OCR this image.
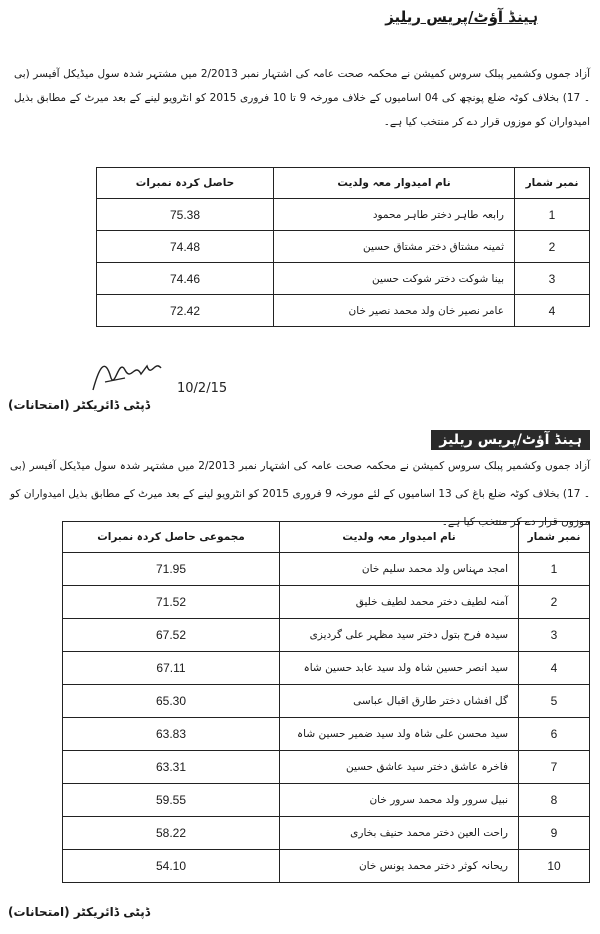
ہینڈ آؤٹ/پریس ریلیز
آزاد جموں وکشمیر پبلک سروس کمیشن نے محکمہ صحت عامہ کی اشتہار نمبر 2/2013 میں مشتہر شدہ سول میڈیکل آفیسر (بی ۔ 17) بخلاف کوٹہ ضلع پونچھ کی 04 اسامیوں کے خلاف مورخہ 9 تا 10 فروری 2015 کو انٹرویو لینے کے بعد میرٹ کے مطابق بذیل امیدواران کو موزوں قرار دے کر منتخب کیا ہے۔
نمبر شمار	نام امیدوار معہ ولدیت	حاصل کردہ نمبرات
1	رابعہ طاہر دختر طاہر محمود	75.38
2	ثمینہ مشتاق دختر مشتاق حسین	74.48
3	بینا شوکت دختر شوکت حسین	74.46
4	عامر نصیر خان ولد محمد نصیر خان	72.42
10/2/15
ڈپٹی ڈائریکٹر (امتحانات)
ہینڈ آؤٹ/پریس ریلیز
آزاد جموں وکشمیر پبلک سروس کمیشن نے محکمہ صحت عامہ کی اشتہار نمبر 2/2013 میں مشتہر شدہ سول میڈیکل آفیسر (بی ۔ 17) بخلاف کوٹہ ضلع باغ کی 13 اسامیوں کے لئے مورخہ 9 فروری 2015 کو انٹرویو لینے کے بعد میرٹ کے مطابق بذیل امیدواران کو موزوں قرار دے کر منتخب کیا ہے۔
نمبر شمار	نام امیدوار معہ ولدیت	مجموعی حاصل کردہ نمبرات
1	امجد مہناس ولد محمد سلیم خان	71.95
2	آمنہ لطیف دختر محمد لطیف خلیق	71.52
3	سیدہ فرح بتول دختر سید مظہر علی گردیزی	67.52
4	سید انصر حسین شاہ ولد سید عابد حسین شاہ	67.11
5	گل افشاں دختر طارق اقبال عباسی	65.30
6	سید محسن علی شاہ ولد سید ضمیر حسین شاہ	63.83
7	فاخرہ عاشق دختر سید عاشق حسین	63.31
8	نبیل سرور ولد محمد سرور خان	59.55
9	راحت العین دختر محمد حنیف بخاری	58.22
10	ریحانہ کوثر دختر محمد یونس خان	54.10
ڈپٹی ڈائریکٹر (امتحانات)
